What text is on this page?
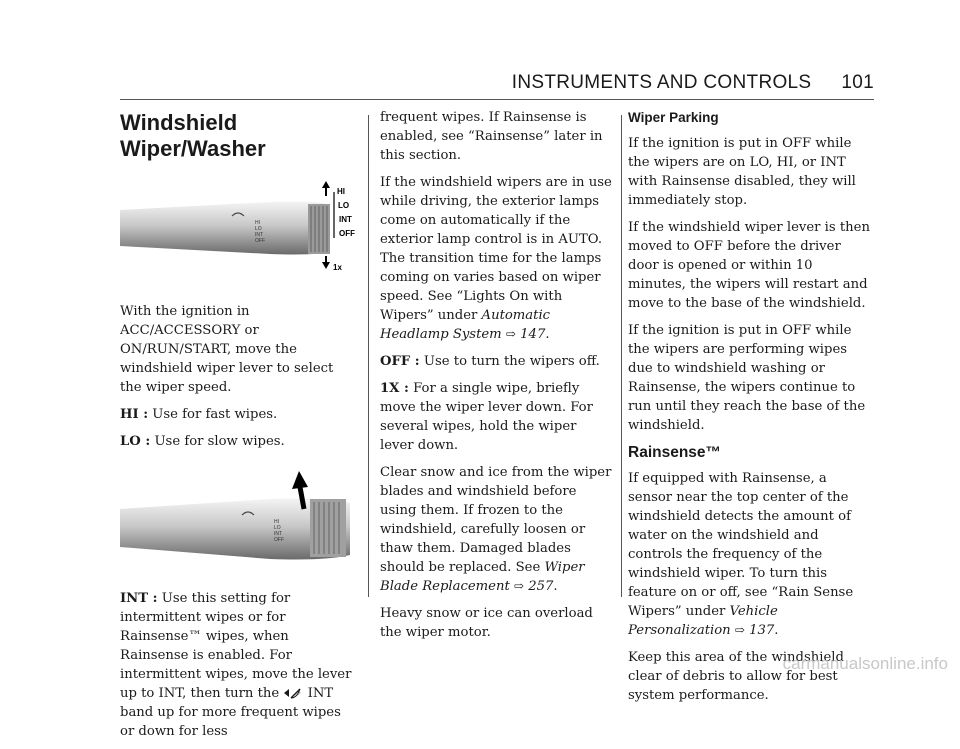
INSTRUMENTS AND CONTROLS 101
Windshield Wiper/Washer
HI
LO
INT
OFF
HI
LO
INT
OFF
1x

With the ignition in ACC/ACCESSORY or ON/RUN/START, move the windshield wiper lever to select the wiper speed.

HI : Use for fast wipes.

LO : Use for slow wipes.

HI
LO
INT
OFF

INT : Use this setting for intermittent wipes or for Rainsense™ wipes, when Rainsense is enabled. For intermittent wipes, move the lever up to INT, then turn the INT band up for more frequent wipes or down for less

frequent wipes. If Rainsense is enabled, see “Rainsense” later in this section.

If the windshield wipers are in use while driving, the exterior lamps come on automatically if the exterior lamp control is in AUTO. The transition time for the lamps coming on varies based on wiper speed. See “Lights On with Wipers” under Automatic Headlamp System ⇨ 147.

OFF : Use to turn the wipers off.

1X : For a single wipe, briefly move the wiper lever down. For several wipes, hold the wiper lever down.

Clear snow and ice from the wiper blades and windshield before using them. If frozen to the windshield, carefully loosen or thaw them. Damaged blades should be replaced. See Wiper Blade Replacement ⇨ 257.

Heavy snow or ice can overload the wiper motor.

Wiper Parking

If the ignition is put in OFF while the wipers are on LO, HI, or INT with Rainsense disabled, they will immediately stop.

If the windshield wiper lever is then moved to OFF before the driver door is opened or within 10 minutes, the wipers will restart and move to the base of the windshield.

If the ignition is put in OFF while the wipers are performing wipes due to windshield washing or Rainsense, the wipers continue to run until they reach the base of the windshield.

Rainsense™

If equipped with Rainsense, a sensor near the top center of the windshield detects the amount of water on the windshield and controls the frequency of the windshield wiper. To turn this feature on or off, see “Rain Sense Wipers” under Vehicle Personalization ⇨ 137.

Keep this area of the windshield clear of debris to allow for best system performance.

carmanualsonline.info
